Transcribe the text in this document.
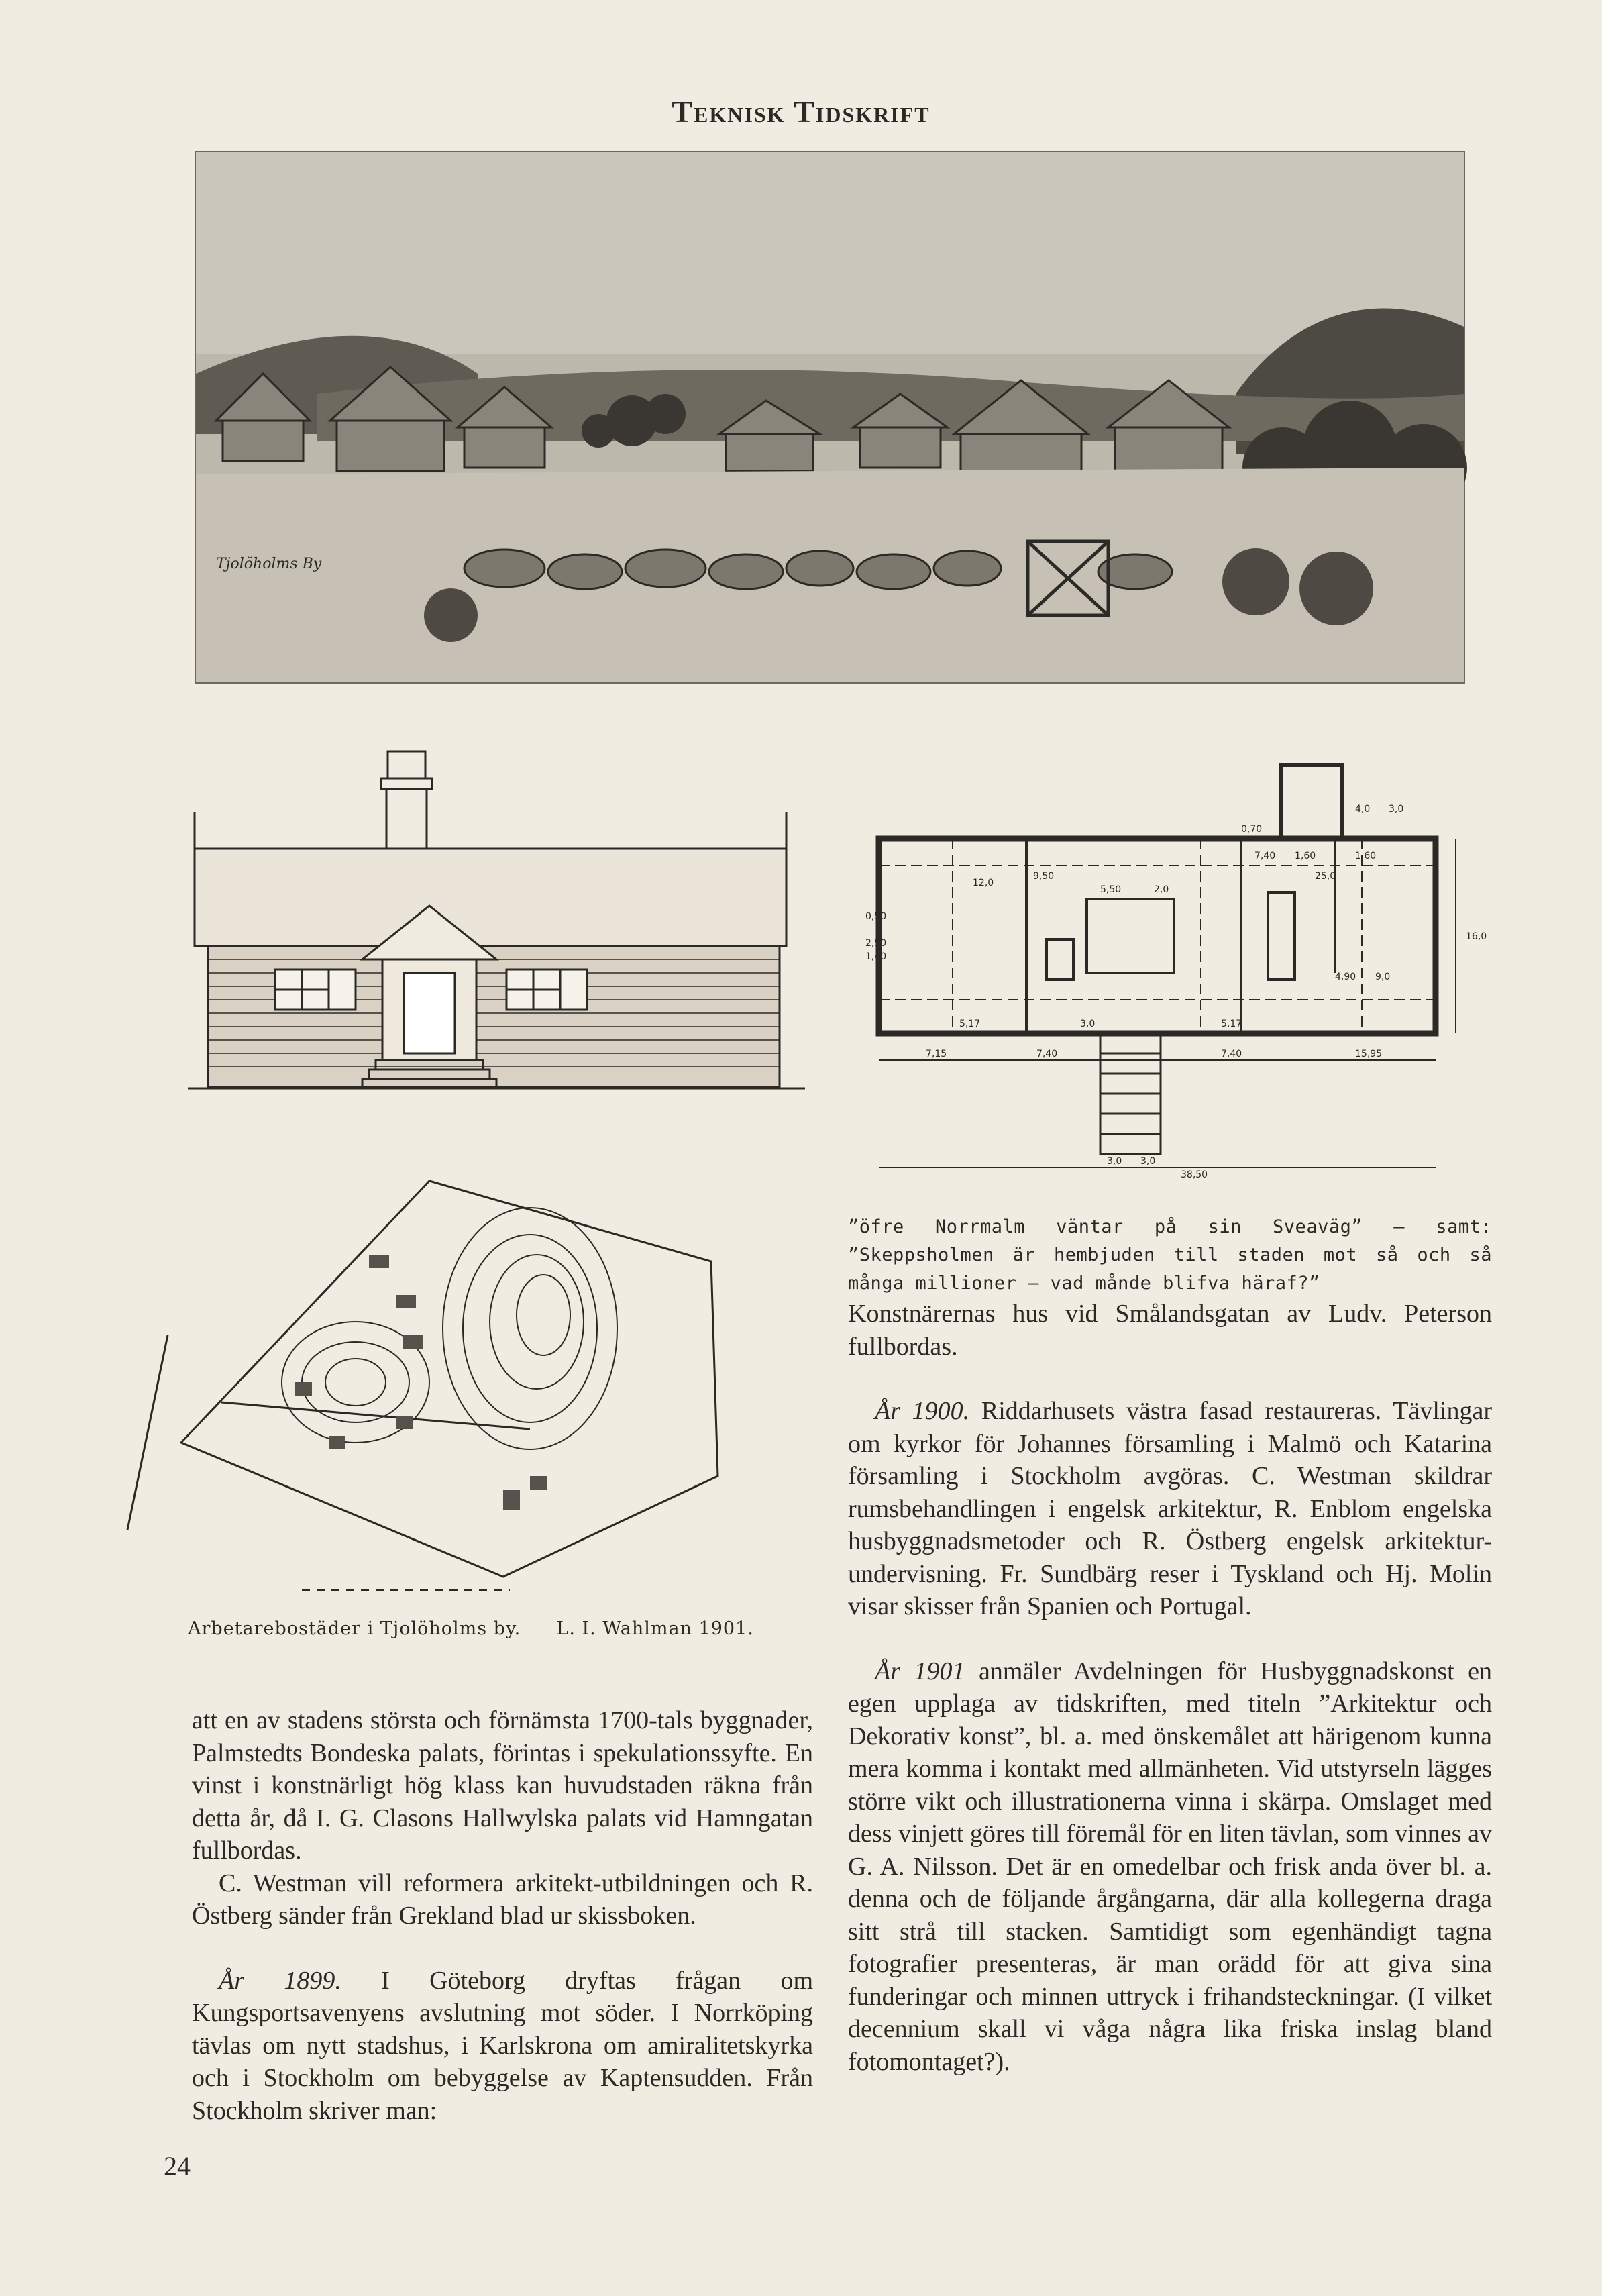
Teknisk Tidskrift
Tjolöholms By
12,0
5,50	2,0
7,40
25,0
4,0 3,0
1,60
0,70
1,60
4,90 9,0
5,17	3,0	5,17
7,15	7,40	7,40	15,95
3,0 3,0
38,50
16,0
2,50
1,40
0,50
9,50
Arbetarebostäder i Tjolöholms by. L. I. Wahlman 1901.

att en av stadens största och förnämsta 1700-tals byggnader, Palmstedts Bondeska palats, förintas i spekulationssyfte. En vinst i konstnärligt hög klass kan huvudstaden räkna från detta år, då I. G. Clasons Hallwylska palats vid Hamngatan fullbordas.

C. Westman vill reformera arkitekt-utbildningen och R. Östberg sänder från Grekland blad ur skissboken.

År 1899. I Göteborg dryftas frågan om Kungsportsavenyens avslutning mot söder. I Norrköping tävlas om nytt stadshus, i Karlskrona om amiralitetskyrka och i Stockholm om bebyggelse av Kaptensudden. Från Stockholm skriver man:

”öfre Norrmalm väntar på sin Sveaväg” — samt: ”Skeppsholmen är hembjuden till staden mot så och så många millioner — vad månde blifva häraf?”

Konstnärernas hus vid Smålandsgatan av Ludv. Peterson fullbordas.

År 1900. Riddarhusets västra fasad restaureras. Tävlingar om kyrkor för Johannes församling i Malmö och Katarina församling i Stockholm avgöras. C. Westman skildrar rumsbehandlingen i engelsk arkitektur, R. Enblom engelska husbyggnadsmetoder och R. Östberg engelsk arkitektur-undervisning. Fr. Sundbärg reser i Tyskland och Hj. Molin visar skisser från Spanien och Portugal.

År 1901 anmäler Avdelningen för Husbyggnadskonst en egen upplaga av tidskriften, med titeln ”Arkitektur och Dekorativ konst”, bl. a. med önskemålet att härigenom kunna mera komma i kontakt med allmänheten. Vid utstyrseln lägges större vikt och illustrationerna vinna i skärpa. Omslaget med dess vinjett göres till föremål för en liten tävlan, som vinnes av G. A. Nilsson. Det är en omedelbar och frisk anda över bl. a. denna och de följande årgångarna, där alla kollegerna draga sitt strå till stacken. Samtidigt som egenhändigt tagna fotografier presenteras, är man orädd för att giva sina funderingar och minnen uttryck i frihandsteckningar. (I vilket decennium skall vi våga några lika friska inslag bland fotomontaget?).

24
